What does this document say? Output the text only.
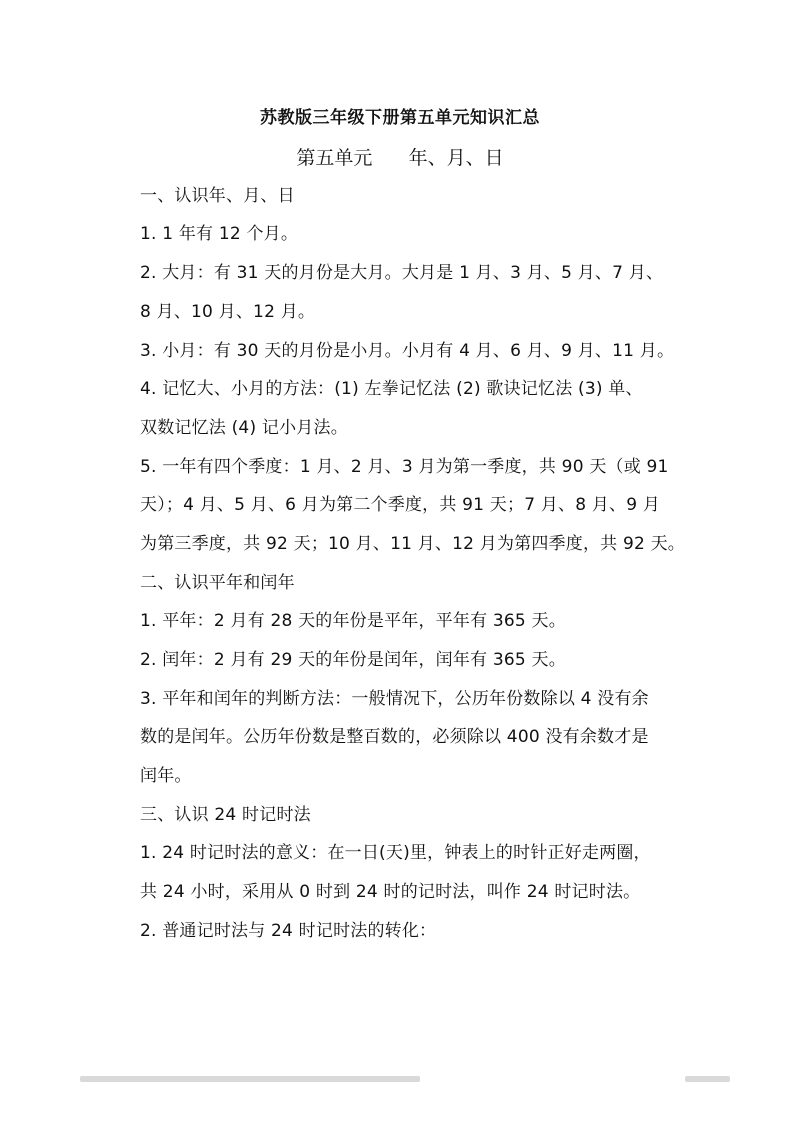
苏教版三年级下册第五单元知识汇总
第五单元      年、月、日
一、认识年、月、日
1. 1 年有 12 个月。
2. 大月：有 31 天的月份是大月。大月是 1 月、3 月、5 月、7 月、
8 月、10 月、12 月。
3. 小月：有 30 天的月份是小月。小月有 4 月、6 月、9 月、11 月。
4. 记忆大、小月的方法：(1) 左拳记忆法 (2) 歌诀记忆法 (3) 单、
双数记忆法 (4) 记小月法。
5. 一年有四个季度：1 月、2 月、3 月为第一季度，共 90 天（或 91
天）；4 月、5 月、6 月为第二个季度，共 91 天；7 月、8 月、9 月
为第三季度，共 92 天；10 月、11 月、12 月为第四季度，共 92 天。
二、认识平年和闰年
1. 平年：2 月有 28 天的年份是平年，平年有 365 天。
2. 闰年：2 月有 29 天的年份是闰年，闰年有 365 天。
3. 平年和闰年的判断方法：一般情况下，公历年份数除以 4 没有余
数的是闰年。公历年份数是整百数的，必须除以 400 没有余数才是
闰年。
三、认识 24 时记时法
1. 24 时记时法的意义：在一日(天)里，钟表上的时针正好走两圈，
共 24 小时，采用从 0 时到 24 时的记时法，叫作 24 时记时法。
2. 普通记时法与 24 时记时法的转化：
